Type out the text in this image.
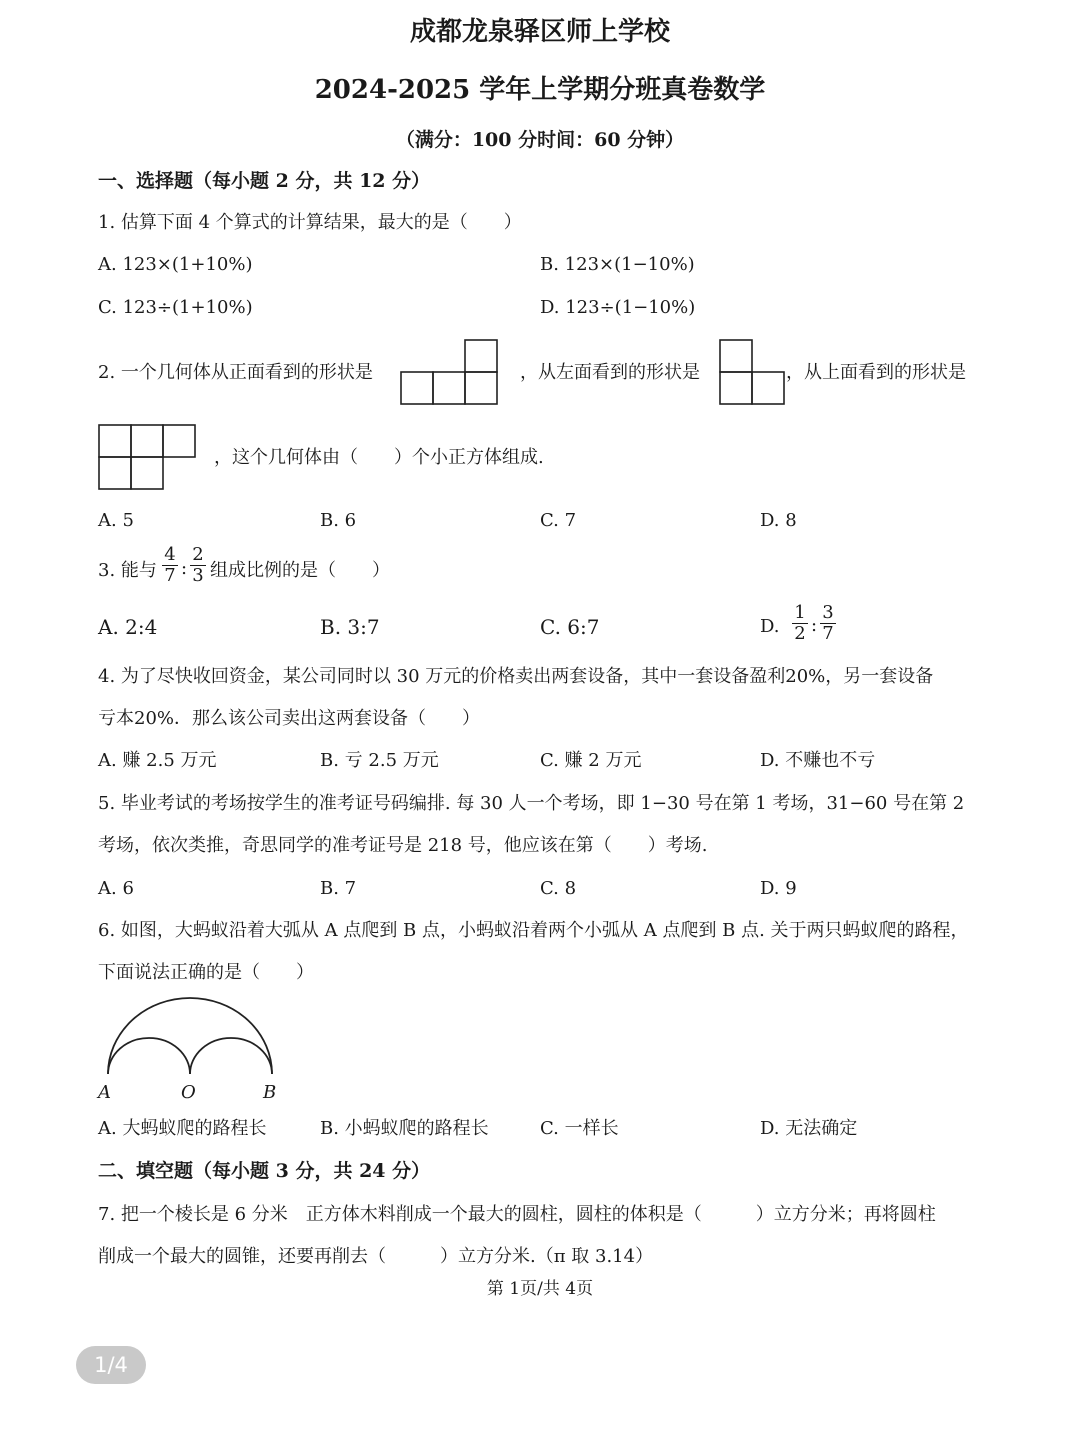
成都龙泉驿区师上学校
2024-2025 学年上学期分班真卷数学
（满分：100 分时间：60 分钟）
一、选择题（每小题 2 分，共 12 分）
1. 估算下面 4 个算式的计算结果，最大的是（　　）
A. 123×(1+10%)	B. 123×(1−10%)
C. 123÷(1+10%)	D. 123÷(1−10%)
2. 一个几何体从正面看到的形状是	，从左面看到的形状是	，从上面看到的形状是
，这个几何体由（　　）个小正方体组成.
A. 5	B. 6	C. 7	D. 8
3. 能与 $\frac{4}{7}$ : $\frac{2}{3}$ 组成比例的是（　　）
A. 2:4	B. 3:7	C. 6:7	D. $\frac{1}{2}$ : $\frac{3}{7}$
4. 为了尽快收回资金，某公司同时以 30 万元的价格卖出两套设备，其中一套设备盈利20%，另一套设备
亏本20%．那么该公司卖出这两套设备（　　）
A. 赚 2.5 万元	B. 亏 2.5 万元	C. 赚 2 万元	D. 不赚也不亏
5. 毕业考试的考场按学生的准考证号码编排. 每 30 人一个考场，即 1−30 号在第 1 考场，31−60 号在第 2
考场，依次类推，奇思同学的准考证号是 218 号，他应该在第（　　）考场.
A. 6	B. 7	C. 8	D. 9
6. 如图，大蚂蚁沿着大弧从 A 点爬到 B 点，小蚂蚁沿着两个小弧从 A 点爬到 B 点. 关于两只蚂蚁爬的路程，
下面说法正确的是（　　）
A	O	B
A. 大蚂蚁爬的路程长	B. 小蚂蚁爬的路程长	C. 一样长	D. 无法确定
二、填空题（每小题 3 分，共 24 分）
7. 把一个棱长是 6 分米　正方体木料削成一个最大的圆柱，圆柱的体积是（　　　）立方分米；再将圆柱
削成一个最大的圆锥，还要再削去（　　　）立方分米.（π 取 3.14）
第 1页/共 4页
1/4
